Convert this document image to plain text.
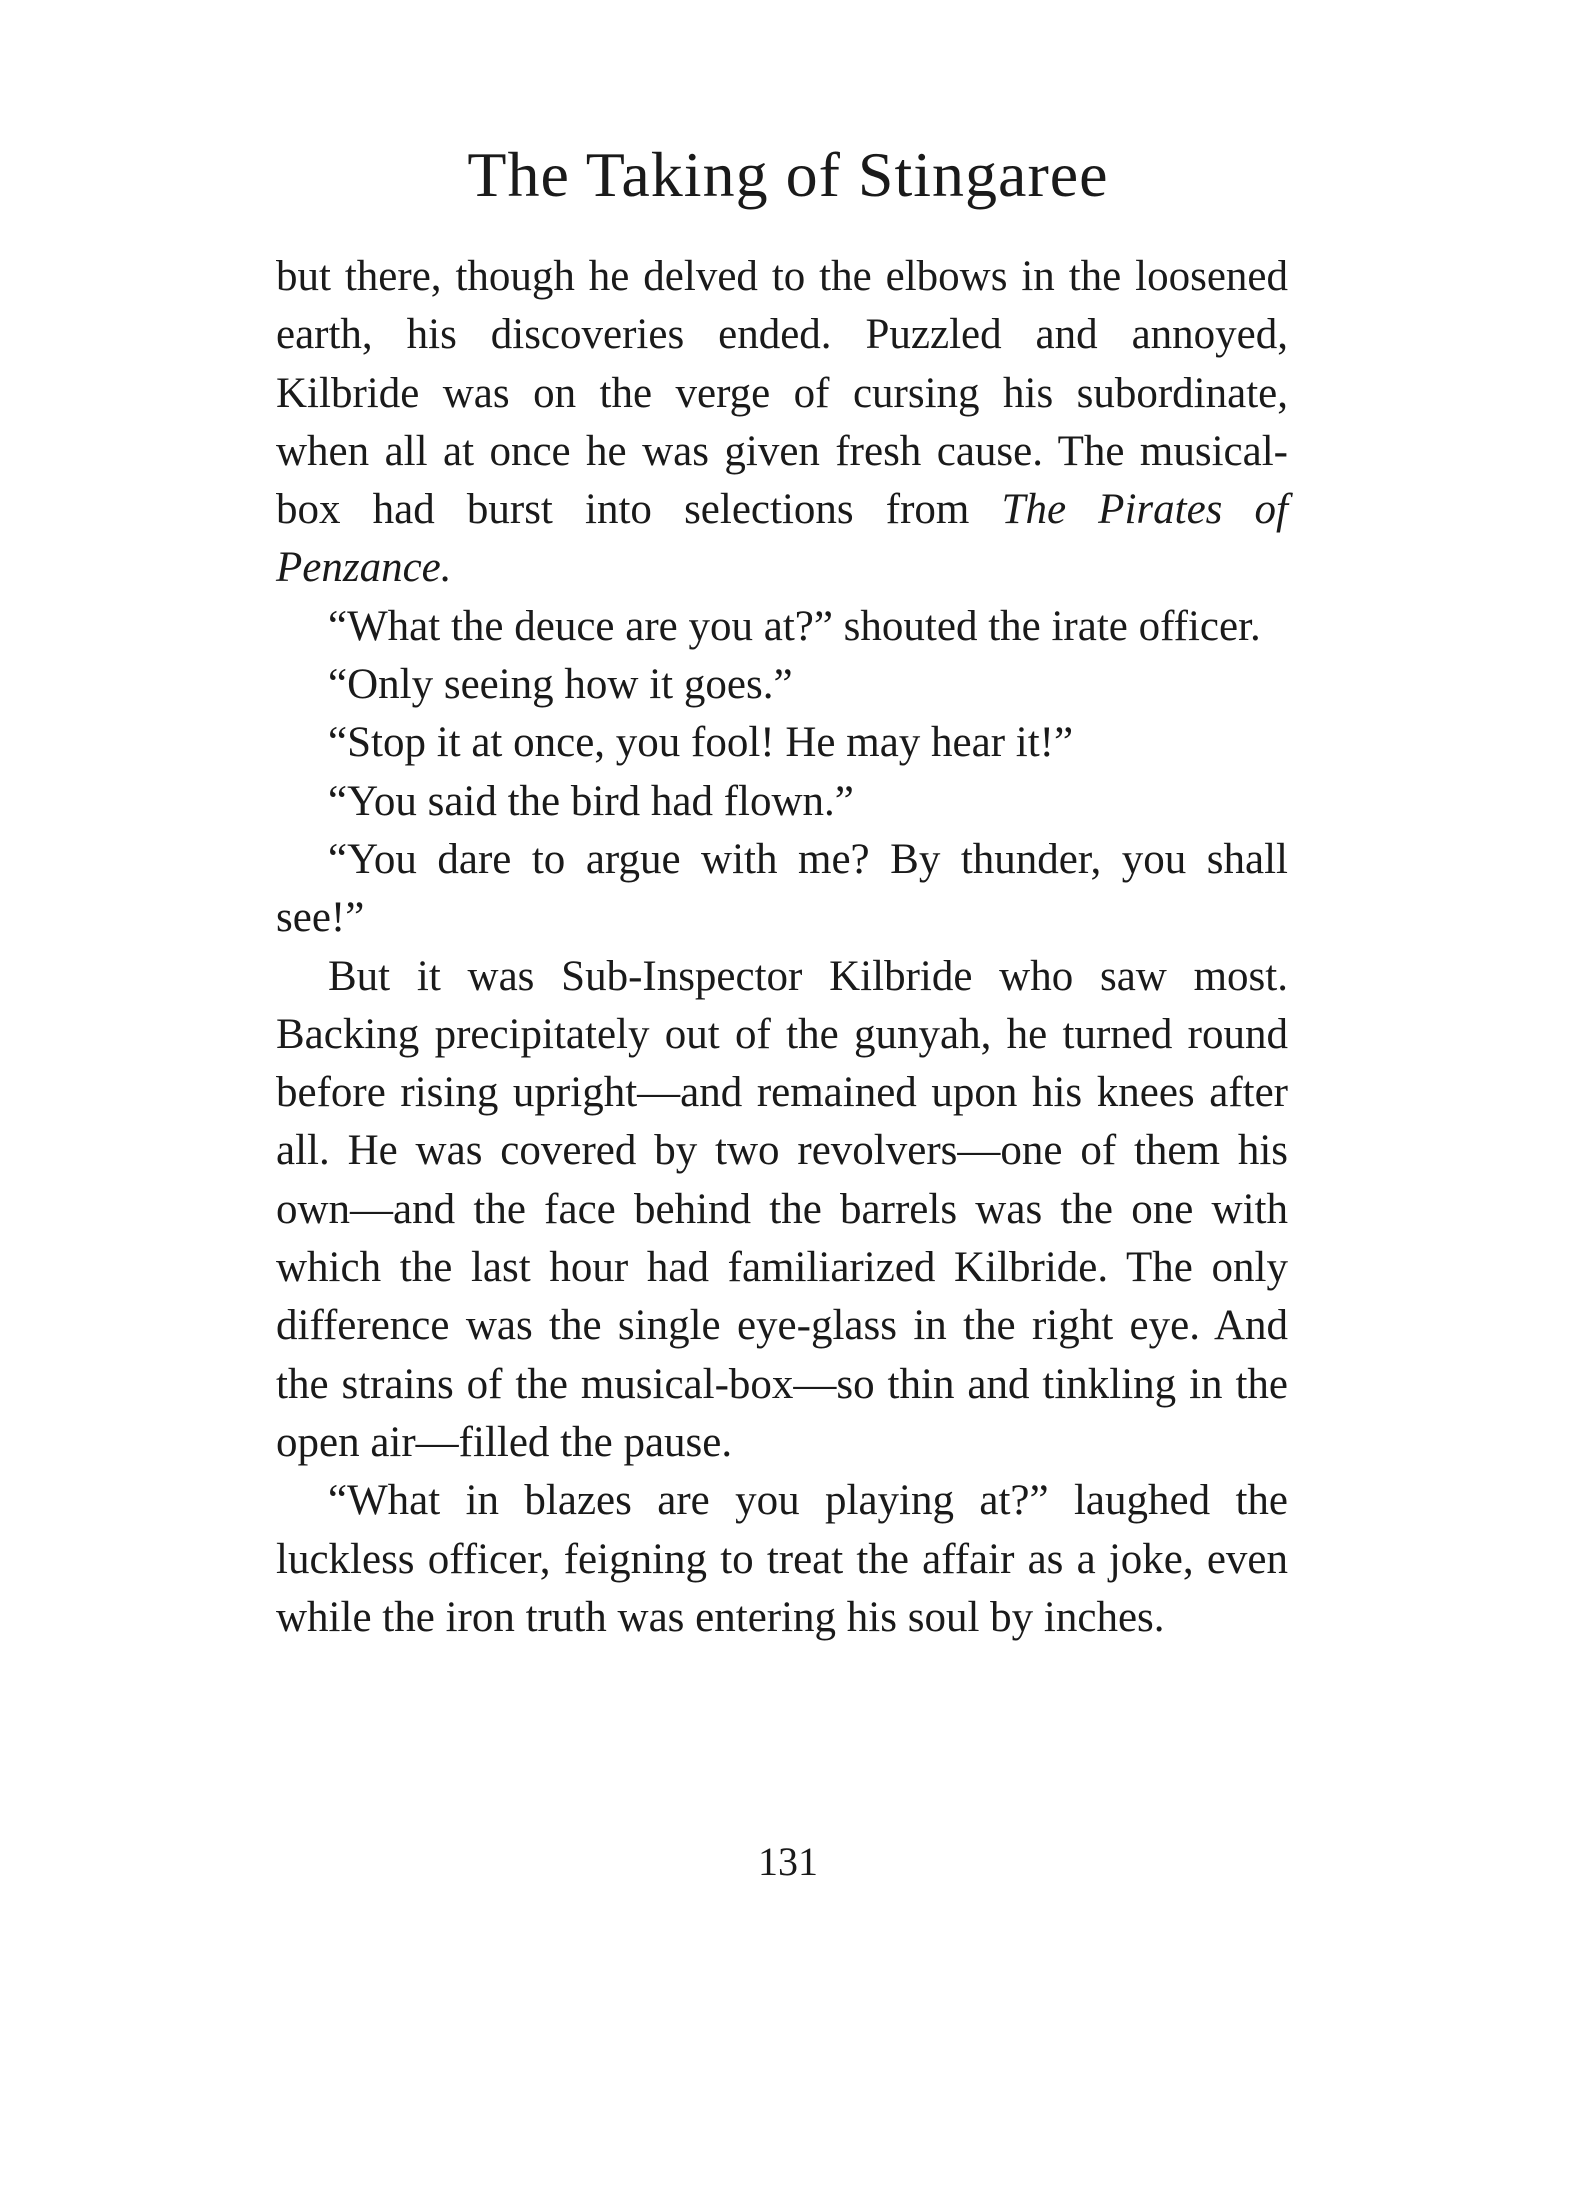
The Taking of Stingaree

but there, though he delved to the elbows in the loosened earth, his discoveries ended. Puzzled and annoyed, Kilbride was on the verge of cursing his subordinate, when all at once he was given fresh cause. The musical-box had burst into selections from The Pirates of Penzance.

“What the deuce are you at?” shouted the irate officer.

“Only seeing how it goes.”

“Stop it at once, you fool! He may hear it!”

“You said the bird had flown.”

“You dare to argue with me? By thunder, you shall see!”

But it was Sub-Inspector Kilbride who saw most. Backing precipitately out of the gunyah, he turned round before rising upright—and remained upon his knees after all. He was covered by two revolvers—one of them his own—and the face behind the barrels was the one with which the last hour had familiarized Kilbride. The only difference was the single eye-glass in the right eye. And the strains of the musical-box—so thin and tinkling in the open air—filled the pause.

“What in blazes are you playing at?” laughed the luckless officer, feigning to treat the affair as a joke, even while the iron truth was entering his soul by inches.

131
